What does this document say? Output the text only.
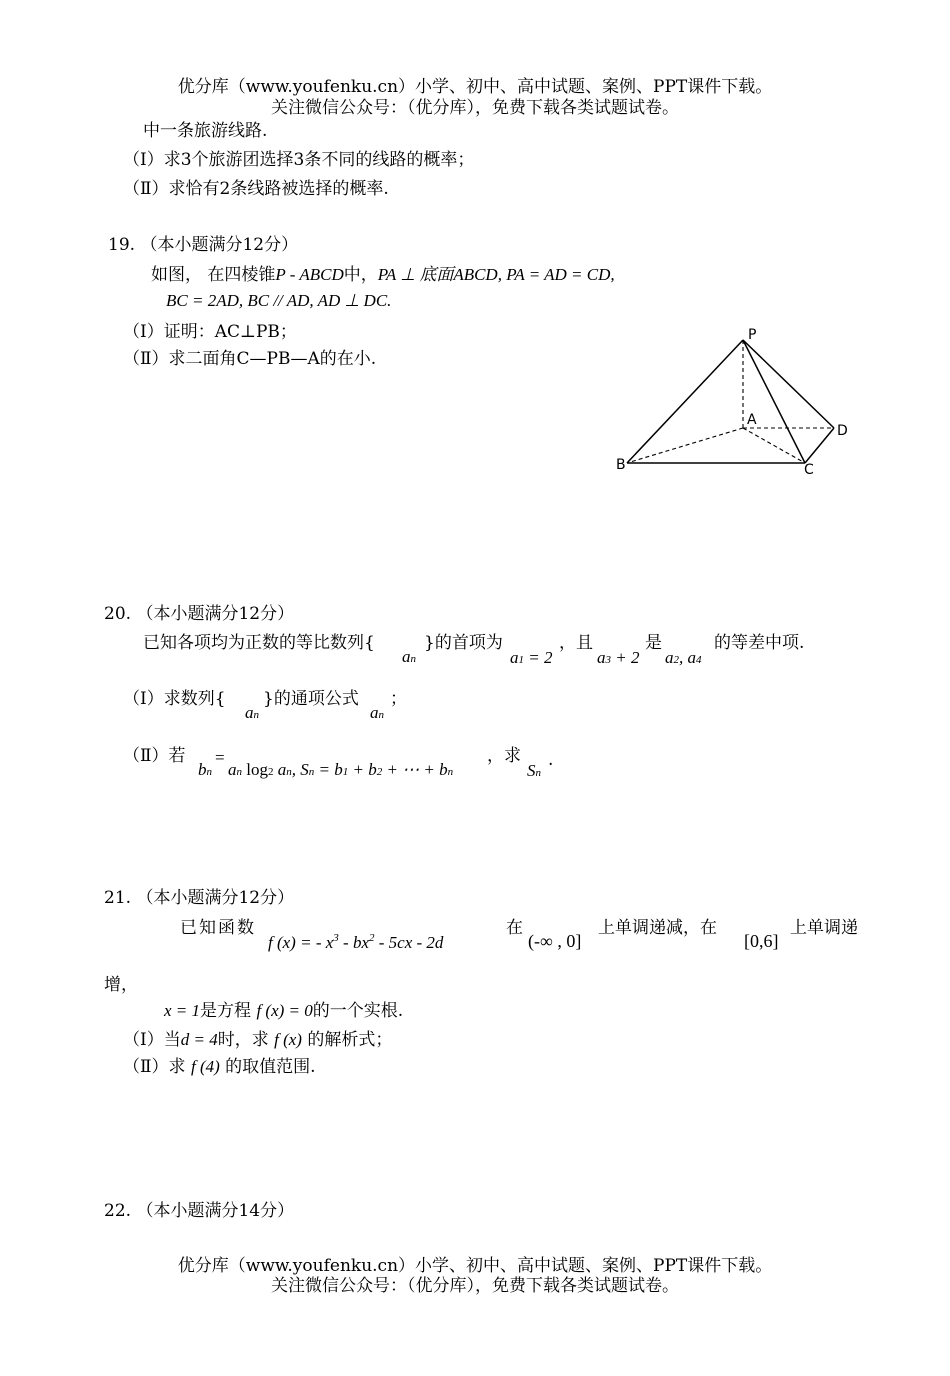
优分库（www.youfenku.cn）小学、初中、高中试题、案例、PPT课件下载。
关注微信公众号：（优分库），免费下载各类试题试卷。
中一条旅游线路.
（Ⅰ）求3个旅游团选择3条不同的线路的概率；
（Ⅱ）求恰有2条线路被选择的概率.
19. （本小题满分12分）
如图， 在四棱锥P - ABCD中，PA ⊥ 底面ABCD, PA = AD = CD,
BC = 2AD, BC // AD, AD ⊥ DC.
（Ⅰ）证明：AC⊥PB；
（Ⅱ）求二面角C—PB—A的在小.
P
A
D
B	C
20. （本小题满分12分）
已知各项均为正数的等比数列{
an
}的首项为
a1 = 2
，且
a3 + 2
是
a2, a4
的等差中项.
（Ⅰ）求数列{
an
}的通项公式
an
；
（Ⅱ）若
bn
=
an log2 an, Sn = b1 + b2 + ⋯ + bn
，求
Sn
.
21. （本小题满分12分）
已知函数
f (x) = - $x^3 - bx^2 - 5cx - 2d$
在
(-∞ , 0]
上单调递减，在
[0,6]
上单调递
增，
x = 1是方程 f (x) = 0的一个实根.
（Ⅰ）当d = 4时，求 f (x) 的解析式；
（Ⅱ）求 f (4) 的取值范围.
22. （本小题满分14分）
优分库（www.youfenku.cn）小学、初中、高中试题、案例、PPT课件下载。
关注微信公众号：（优分库），免费下载各类试题试卷。
